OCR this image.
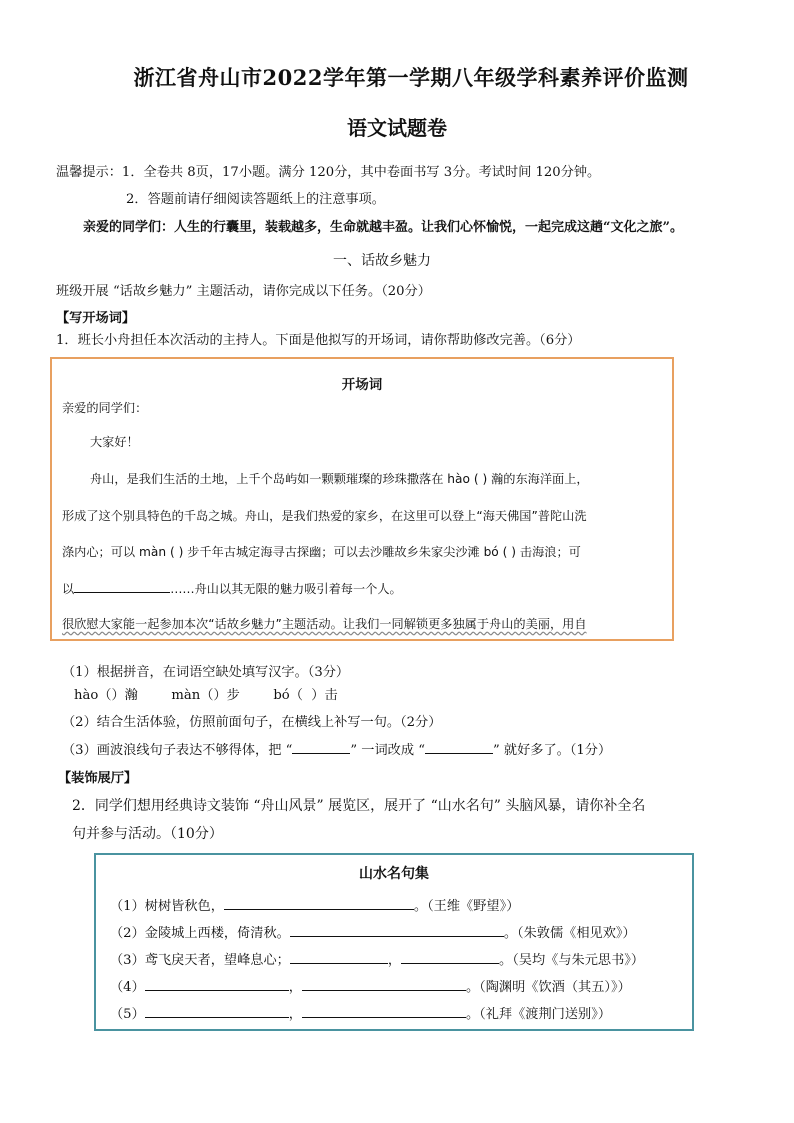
浙江省舟山市2022学年第一学期八年级学科素养评价监测
语文试题卷
温馨提示：1．全卷共 8页，17小题。满分 120分，其中卷面书写 3分。考试时间 120分钟。
2．答题前请仔细阅读答题纸上的注意事项。
亲爱的同学们：人生的行囊里，装载越多，生命就越丰盈。让我们心怀愉悦，一起完成这趟“文化之旅”。
一、话故乡魅力
班级开展 “话故乡魅力” 主题活动，请你完成以下任务。（20分）
【写开场词】
1．班长小舟担任本次活动的主持人。下面是他拟写的开场词，请你帮助修改完善。（6分）
开场词
亲爱的同学们：
大家好！
舟山，是我们生活的土地，上千个岛屿如一颗颗璀璨的珍珠撒落在 hào ( ) 瀚的东海洋面上，
形成了这个别具特色的千岛之城。舟山，是我们热爱的家乡，在这里可以登上“海天佛国”普陀山洗
涤内心；可以 màn ( ) 步千年古城定海寻古探幽；可以去沙雕故乡朱家尖沙滩 bó ( ) 击海浪；可
以	……舟山以其无限的魅力吸引着每一个人。
很欣慰大家能一起参加本次“话故乡魅力”主题活动。让我们一同解锁更多独属于舟山的美丽，用自
（1）根据拼音，在词语空缺处填写汉字。（3分）
hào（）瀚        màn（）步        bó（  ）击
（2）结合生活体验，仿照前面句子，在横线上补写一句。（2分）
（3）画波浪线句子表达不够得体，把 “	” 一词改成 “	” 就好多了。（1分）
【装饰展厅】
2．同学们想用经典诗文装饰 “舟山风景” 展览区，展开了 “山水名句” 头脑风暴，请你补全名
句并参与活动。（10分）
山水名句集
（1）树树皆秋色，	。（王维《野望》）
（2）金陵城上西楼，倚清秋。	。（朱敦儒《相见欢》）
（3）鸢飞戾天者，望峰息心；	，	。（吴均《与朱元思书》）
（4）	，	。（陶渊明《饮酒（其五）》）
（5）	，	。（礼拜《渡荆门送别》）
